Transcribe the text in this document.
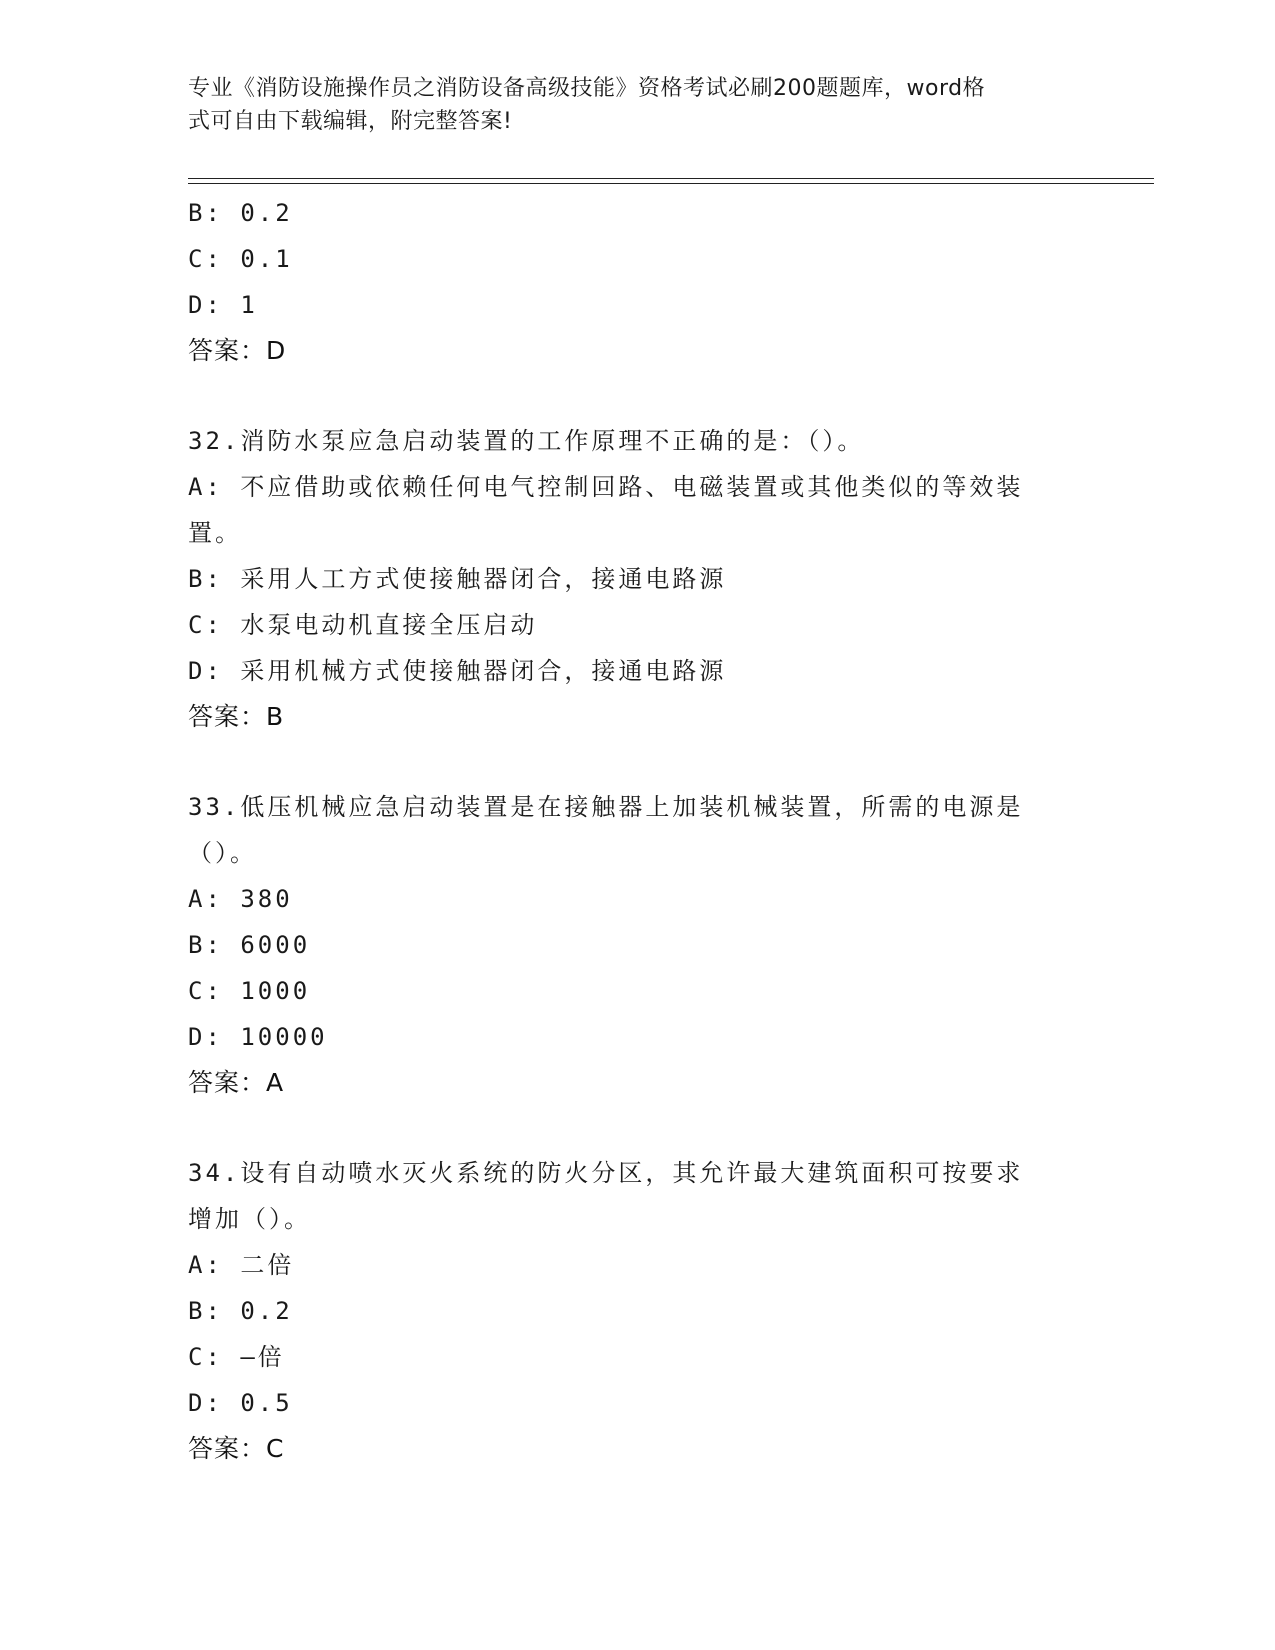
专业《消防设施操作员之消防设备高级技能》资格考试必刷200题题库，word格
式可自由下载编辑，附完整答案!
B: 0.2
C: 0.1
D: 1
答案：D
32.消防水泵应急启动装置的工作原理不正确的是：（）。
A: 不应借助或依赖任何电气控制回路、电磁装置或其他类似的等效装
置。
B: 采用人工方式使接触器闭合，接通电路源
C: 水泵电动机直接全压启动
D: 采用机械方式使接触器闭合，接通电路源
答案：B
33.低压机械应急启动装置是在接触器上加装机械装置，所需的电源是
（）。
A: 380
B: 6000
C: 1000
D: 10000
答案：A
34.设有自动喷水灭火系统的防火分区，其允许最大建筑面积可按要求
增加（）。
A: 二倍
B: 0.2
C: —倍
D: 0.5
答案：C
